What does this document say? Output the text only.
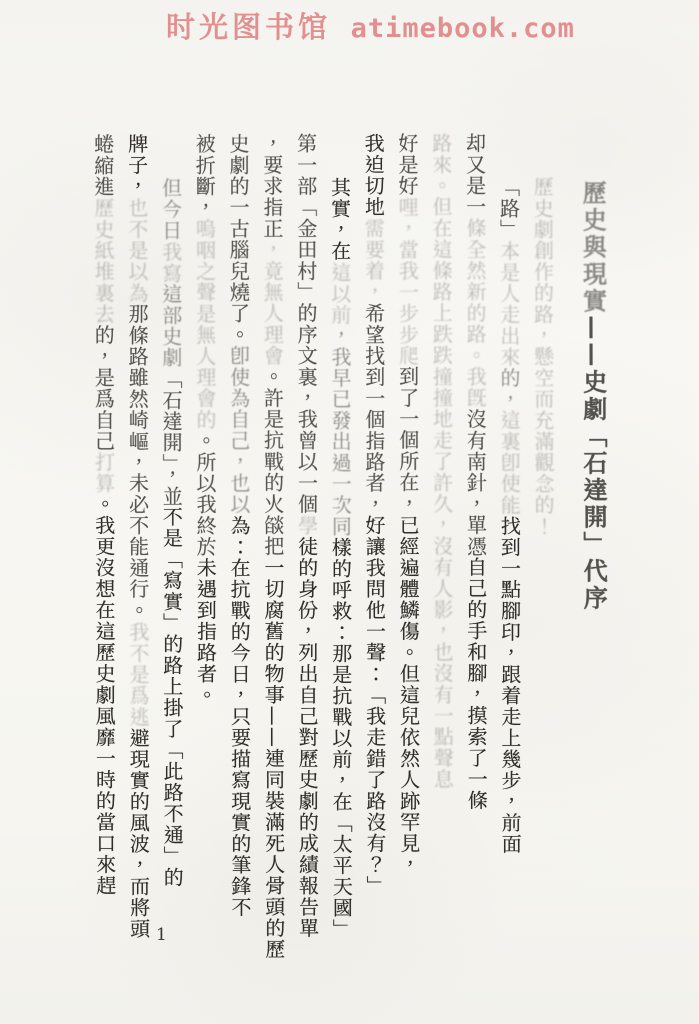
时光图书馆 atimebook.com
歷史與現實——史劇「石達開」代序
歷史劇創作的路，懸空而充滿觀念的！
「路」本是人走出來的，這裏卽使能找到一點腳印，跟着走上幾步，前面
却又是一條全然新的路。我旣沒有南針，單憑自己的手和腳，摸索了一條
路來。但在這條路上跌跌撞撞地走了許久，沒有人影，也沒有一點聲息
好是好哩，當我一步步爬到了一個所在，已經遍體鱗傷。但這兒依然人跡罕見，
我迫切地需要着，希望找到一個指路者，好讓我問他一聲：「我走錯了路沒有？」
其實，在這以前，我早已發出過一次同樣的呼救：那是抗戰以前，在「太平天國」
第一部「金田村」的序文裏，我曾以一個學徒的身份，列出自己對歷史劇的成績報告單
，要求指正，竟無人理會。許是抗戰的火燄把一切腐舊的物事——連同裝滿死人骨頭的歷
史劇的一古腦兒燒了。卽使為自己，也以為：在抗戰的今日，只要描寫現實的筆鋒不
被折斷，嗚咽之聲是無人理會的。所以我終於未遇到指路者。
但今日我寫這部史劇「石達開」，並不是「寫實」的路上掛了「此路不通」的
牌子，也不是以為那條路雖然崎嶇，未必不能通行。我不是爲逃避現實的風波，而將頭
蜷縮進歷史紙堆裏去的，是爲自己打算。我更沒想在這歷史劇風靡一時的當口來趕
1
